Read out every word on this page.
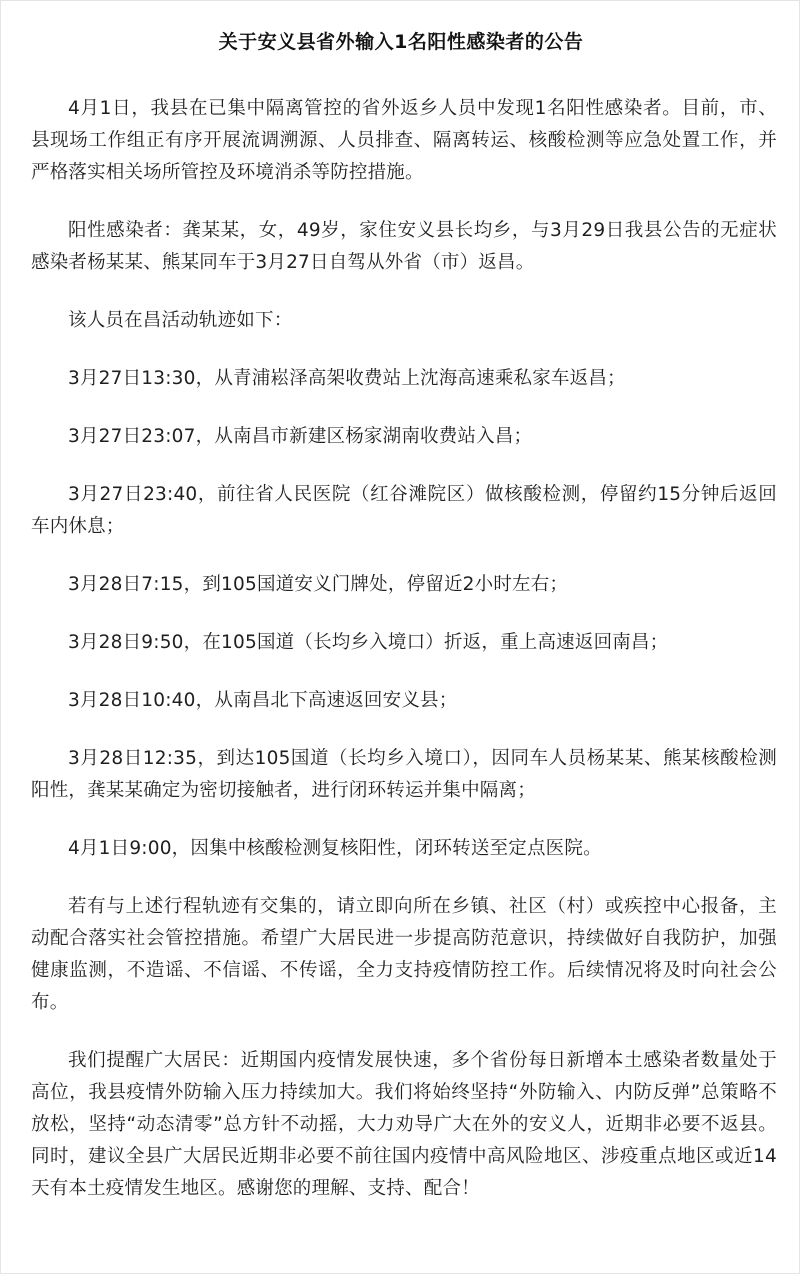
关于安义县省外输入1名阳性感染者的公告

4月1日，我县在已集中隔离管控的省外返乡人员中发现1名阳性感染者。目前，市、县现场工作组正有序开展流调溯源、人员排查、隔离转运、核酸检测等应急处置工作，并严格落实相关场所管控及环境消杀等防控措施。

阳性感染者：龚某某，女，49岁，家住安义县长均乡，与3月29日我县公告的无症状感染者杨某某、熊某同车于3月27日自驾从外省（市）返昌。

该人员在昌活动轨迹如下：

3月27日13:30，从青浦崧泽高架收费站上沈海高速乘私家车返昌；

3月27日23:07，从南昌市新建区杨家湖南收费站入昌；

3月27日23:40，前往省人民医院（红谷滩院区）做核酸检测，停留约15分钟后返回车内休息；

3月28日7:15，到105国道安义门牌处，停留近2小时左右；

3月28日9:50，在105国道（长均乡入境口）折返，重上高速返回南昌；

3月28日10:40，从南昌北下高速返回安义县；

3月28日12:35，到达105国道（长均乡入境口），因同车人员杨某某、熊某核酸检测阳性，龚某某确定为密切接触者，进行闭环转运并集中隔离；

4月1日9:00，因集中核酸检测复核阳性，闭环转送至定点医院。

若有与上述行程轨迹有交集的，请立即向所在乡镇、社区（村）或疾控中心报备，主动配合落实社会管控措施。希望广大居民进一步提高防范意识，持续做好自我防护，加强健康监测，不造谣、不信谣、不传谣，全力支持疫情防控工作。后续情况将及时向社会公布。

我们提醒广大居民：近期国内疫情发展快速，多个省份每日新增本土感染者数量处于高位，我县疫情外防输入压力持续加大。我们将始终坚持“外防输入、内防反弹”总策略不放松，坚持“动态清零”总方针不动摇，大力劝导广大在外的安义人，近期非必要不返县。同时，建议全县广大居民近期非必要不前往国内疫情中高风险地区、涉疫重点地区或近14天有本土疫情发生地区。感谢您的理解、支持、配合！
